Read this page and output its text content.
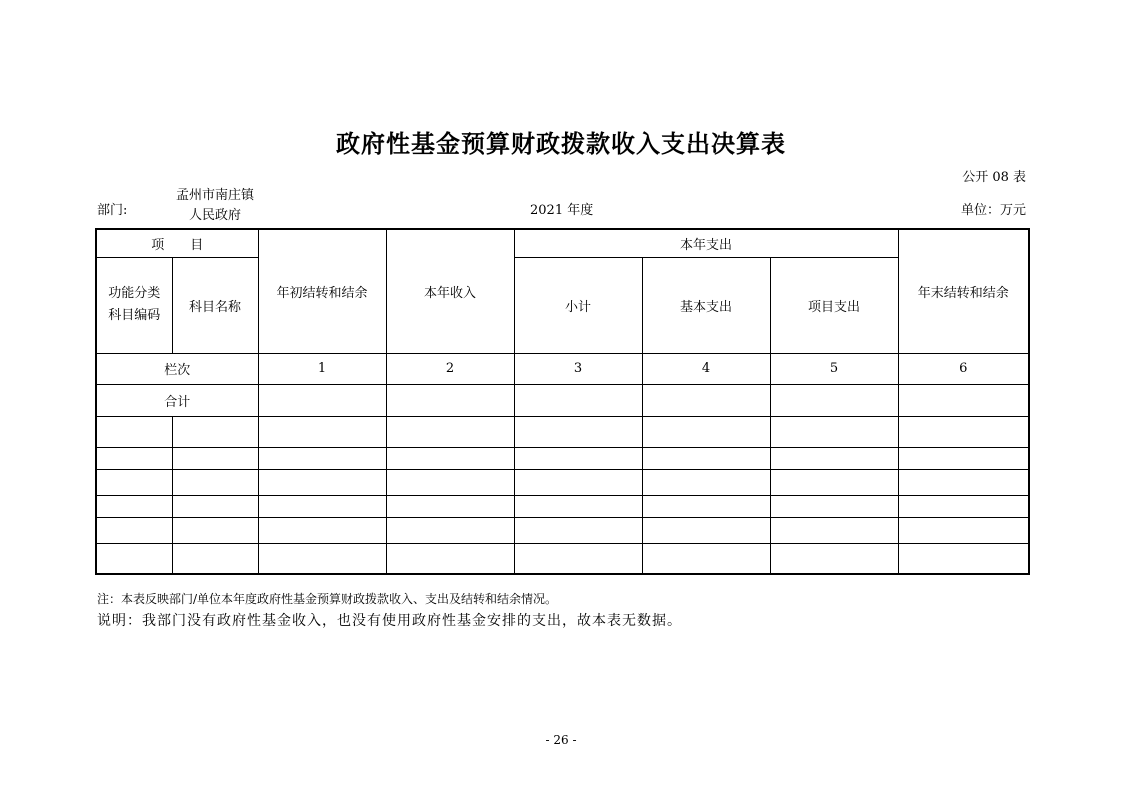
政府性基金预算财政拨款收入支出决算表
公开 08 表
部门:
孟州市南庄镇
人民政府	2021 年度	单位：万元
项　　目		年初结转和结余	本年收入	本年支出			年末结转和结余
功能分类科目编码	科目名称			小计	基本支出	项目支出	
栏次		1	2	3	4	5	6
合计							

注：本表反映部门/单位本年度政府性基金预算财政拨款收入、支出及结转和结余情况。
说明：我部门没有政府性基金收入，也没有使用政府性基金安排的支出，故本表无数据。
- 26 -
